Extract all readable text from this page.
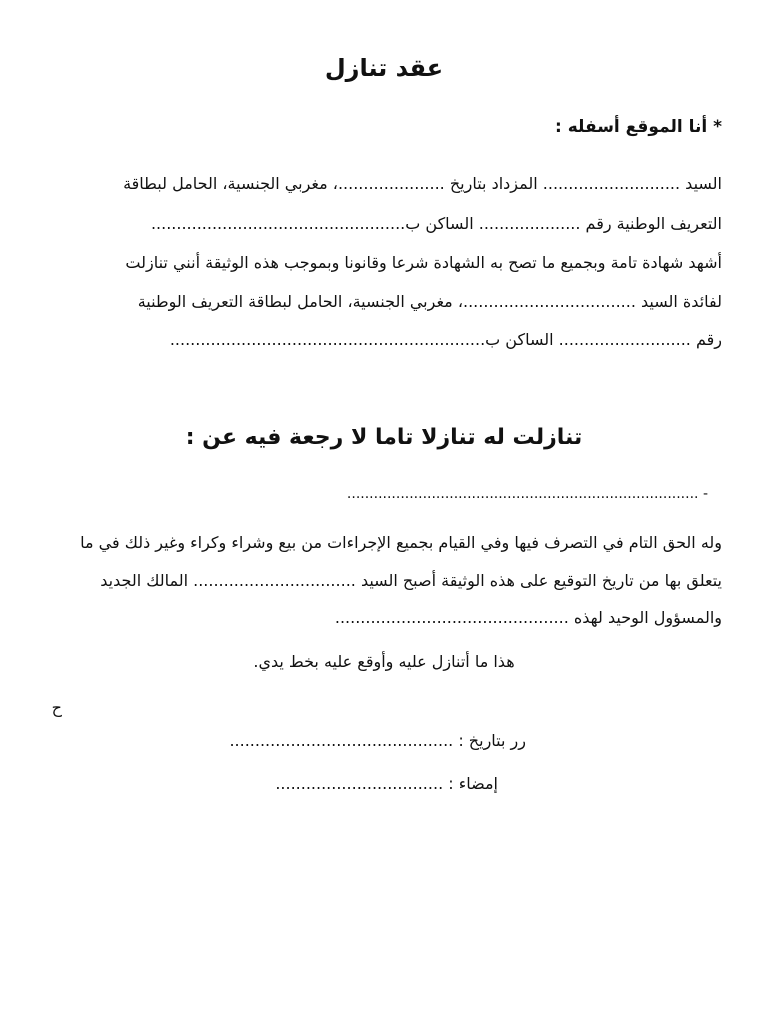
عقد تنازل

* أنا الموقع أسفله :

السيد ........................... المزداد بتاريخ .....................، مغربي الجنسية، الحامل لبطاقة

التعريف الوطنية رقم .................... الساكن ب..................................................

أشهد شهادة تامة وبجميع ما تصح به الشهادة شرعا وقانونا وبموجب هذه الوثيقة أنني تنازلت

لفائدة السيد ..................................، مغربي الجنسية، الحامل لبطاقة التعريف الوطنية

رقم .......................... الساكن ب..............................................................

تنازلت له تنازلا تاما لا رجعة فيه عن :

- ...............................................................................

وله الحق التام في التصرف فيها وفي القيام بجميع الإجراءات من بيع وشراء وكراء وغير ذلك في ما

يتعلق بها من تاريخ التوقيع على هذه الوثيقة أصبح السيد ................................ المالك الجديد

والمسؤول الوحيد لهذه ..............................................

هذا ما أتنازل عليه وأوقع عليه بخط يدي.

ح

رر بتاريخ : ............................................

إمضاء : .................................
